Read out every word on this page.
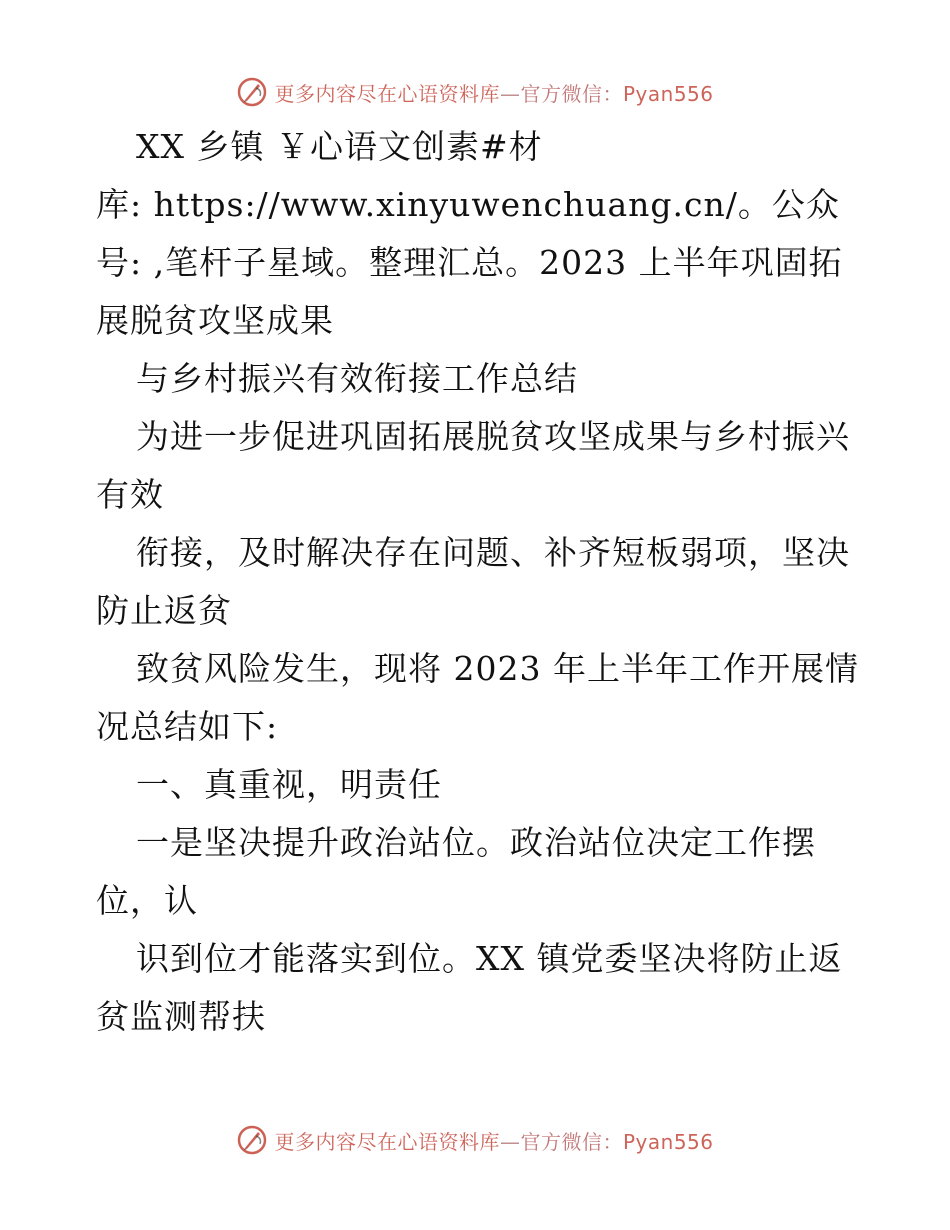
更多内容尽在心语资料库—官方微信：Pyan556
XX 乡镇 ￥心语文创素#材
库: https://www.xinyuwenchuang.cn/。公众
号: ,笔杆子星域。整理汇总。2023 上半年巩固拓
展脱贫攻坚成果
与乡村振兴有效衔接工作总结
为进一步促进巩固拓展脱贫攻坚成果与乡村振兴
有效
衔接，及时解决存在问题、补齐短板弱项，坚决
防止返贫
致贫风险发生，现将 2023 年上半年工作开展情
况总结如下:
一、真重视，明责任
一是坚决提升政治站位。政治站位决定工作摆
位，认
识到位才能落实到位。XX 镇党委坚决将防止返
贫监测帮扶
更多内容尽在心语资料库—官方微信：Pyan556
